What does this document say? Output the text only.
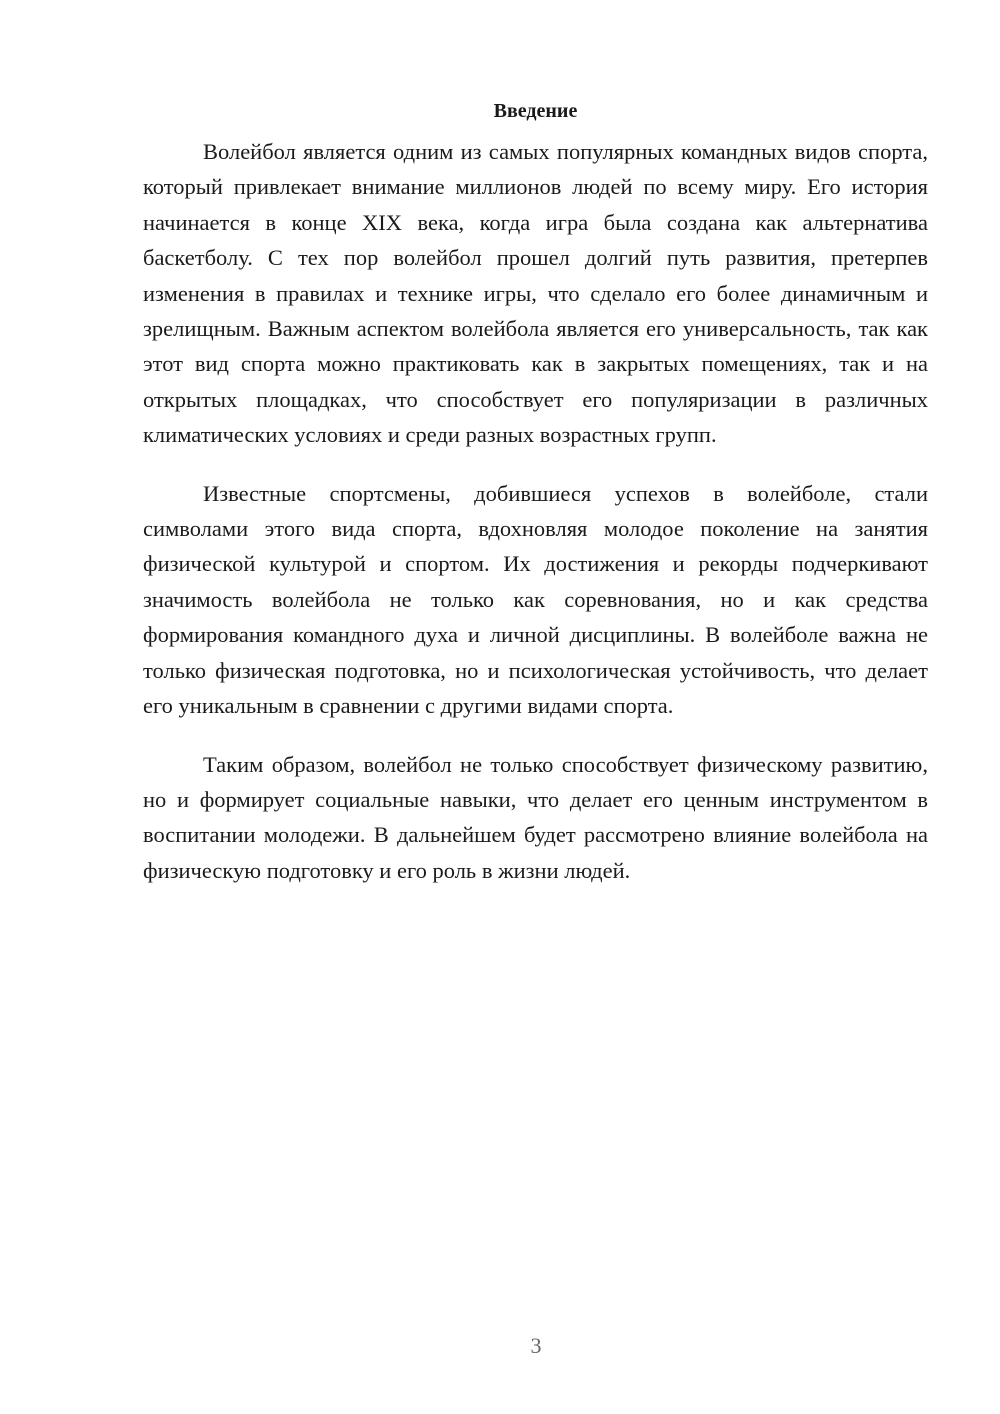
Введение

Волейбол является одним из самых популярных командных видов спорта, который привлекает внимание миллионов людей по всему миру. Его история начинается в конце XIX века, когда игра была создана как альтернатива баскетболу. С тех пор волейбол прошел долгий путь развития, претерпев изменения в правилах и технике игры, что сделало его более динамичным и зрелищным. Важным аспектом волейбола является его универсальность, так как этот вид спорта можно практиковать как в закрытых помещениях, так и на открытых площадках, что способствует его популяризации в различных климатических условиях и среди разных возрастных групп.

Известные спортсмены, добившиеся успехов в волейболе, стали символами этого вида спорта, вдохновляя молодое поколение на занятия физической культурой и спортом. Их достижения и рекорды подчеркивают значимость волейбола не только как соревнования, но и как средства формирования командного духа и личной дисциплины. В волейболе важна не только физическая подготовка, но и психологическая устойчивость, что делает его уникальным в сравнении с другими видами спорта.

Таким образом, волейбол не только способствует физическому развитию, но и формирует социальные навыки, что делает его ценным инструментом в воспитании молодежи. В дальнейшем будет рассмотрено влияние волейбола на физическую подготовку и его роль в жизни людей.

3
